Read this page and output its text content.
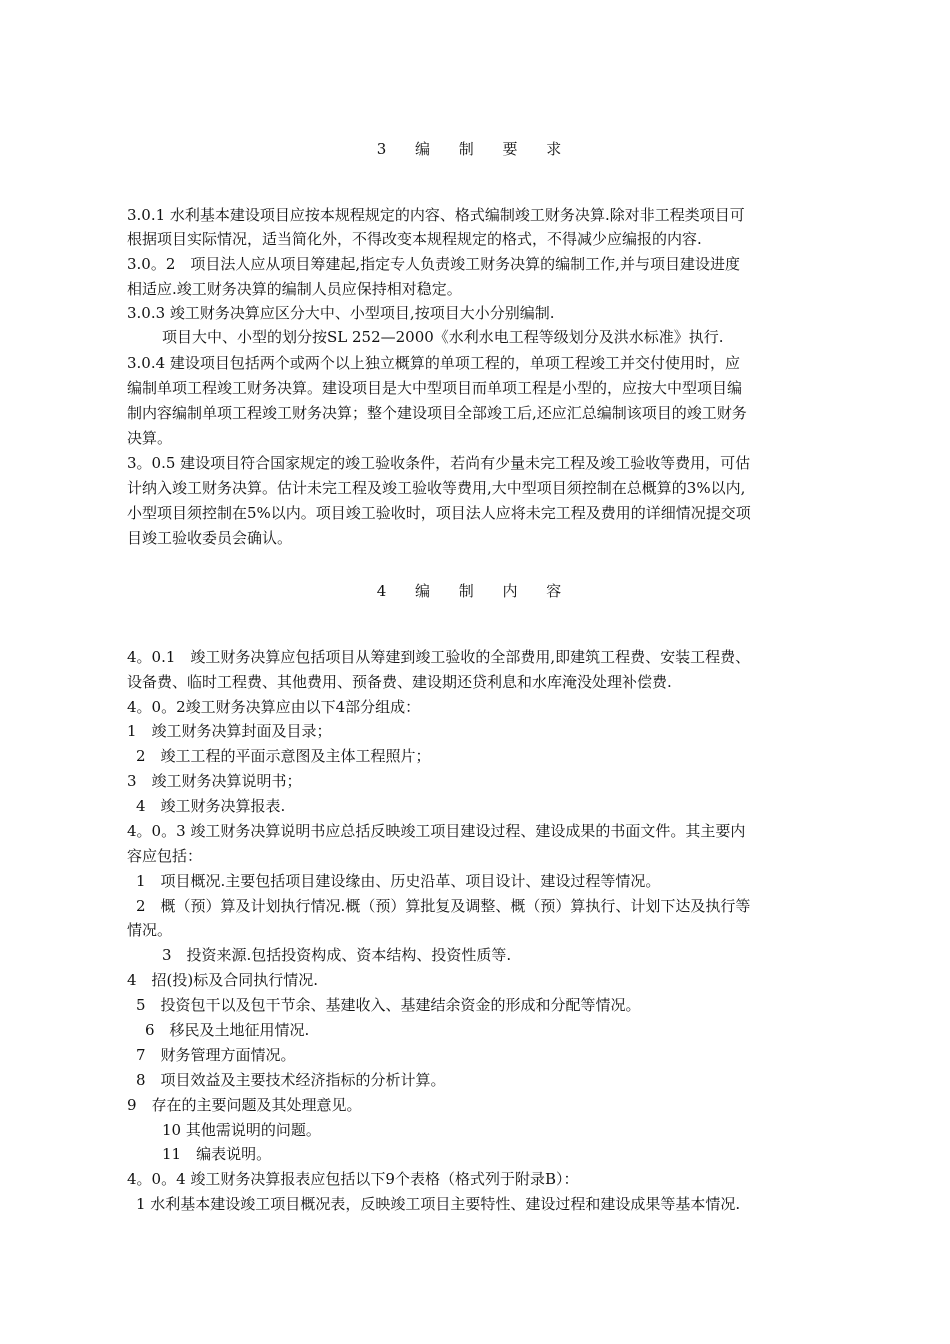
3 编 制 要 求
3.0.1 水利基本建设项目应按本规程规定的内容、格式编制竣工财务决算.除对非工程类项目可
根据项目实际情况，适当简化外，不得改变本规程规定的格式，不得减少应编报的内容.
3.0。2　项目法人应从项目筹建起,指定专人负责竣工财务决算的编制工作,并与项目建设进度
相适应.竣工财务决算的编制人员应保持相对稳定。
3.0.3 竣工财务决算应区分大中、小型项目,按项目大小分别编制.
项目大中、小型的划分按SL 252—2000《水利水电工程等级划分及洪水标准》执行.
3.0.4 建设项目包括两个或两个以上独立概算的单项工程的，单项工程竣工并交付使用时，应
编制单项工程竣工财务决算。建设项目是大中型项目而单项工程是小型的，应按大中型项目编
制内容编制单项工程竣工财务决算；整个建设项目全部竣工后,还应汇总编制该项目的竣工财务
决算。
3。0.5 建设项目符合国家规定的竣工验收条件，若尚有少量未完工程及竣工验收等费用，可估
计纳入竣工财务决算。估计未完工程及竣工验收等费用,大中型项目须控制在总概算的3%以内,
小型项目须控制在5%以内。项目竣工验收时，项目法人应将未完工程及费用的详细情况提交项
目竣工验收委员会确认。
4 编 制 内 容
4。0.1　竣工财务决算应包括项目从筹建到竣工验收的全部费用,即建筑工程费、安装工程费、
设备费、临时工程费、其他费用、预备费、建设期还贷利息和水库淹没处理补偿费.
4。0。2竣工财务决算应由以下4部分组成：
1　竣工财务决算封面及目录；
2　竣工工程的平面示意图及主体工程照片；
3　竣工财务决算说明书；
4　竣工财务决算报表.
4。0。3 竣工财务决算说明书应总括反映竣工项目建设过程、建设成果的书面文件。其主要内
容应包括：
1　项目概况.主要包括项目建设缘由、历史沿革、项目设计、建设过程等情况。
2　概（预）算及计划执行情况.概（预）算批复及调整、概（预）算执行、计划下达及执行等
情况。
3　投资来源.包括投资构成、资本结构、投资性质等.
4　招(投)标及合同执行情况.
5　投资包干以及包干节余、基建收入、基建结余资金的形成和分配等情况。
6　移民及土地征用情况.
7　财务管理方面情况。
8　项目效益及主要技术经济指标的分析计算。
9　存在的主要问题及其处理意见。
10 其他需说明的问题。
11　编表说明。
4。0。4 竣工财务决算报表应包括以下9个表格（格式列于附录B）：
1 水利基本建设竣工项目概况表，反映竣工项目主要特性、建设过程和建设成果等基本情况.
